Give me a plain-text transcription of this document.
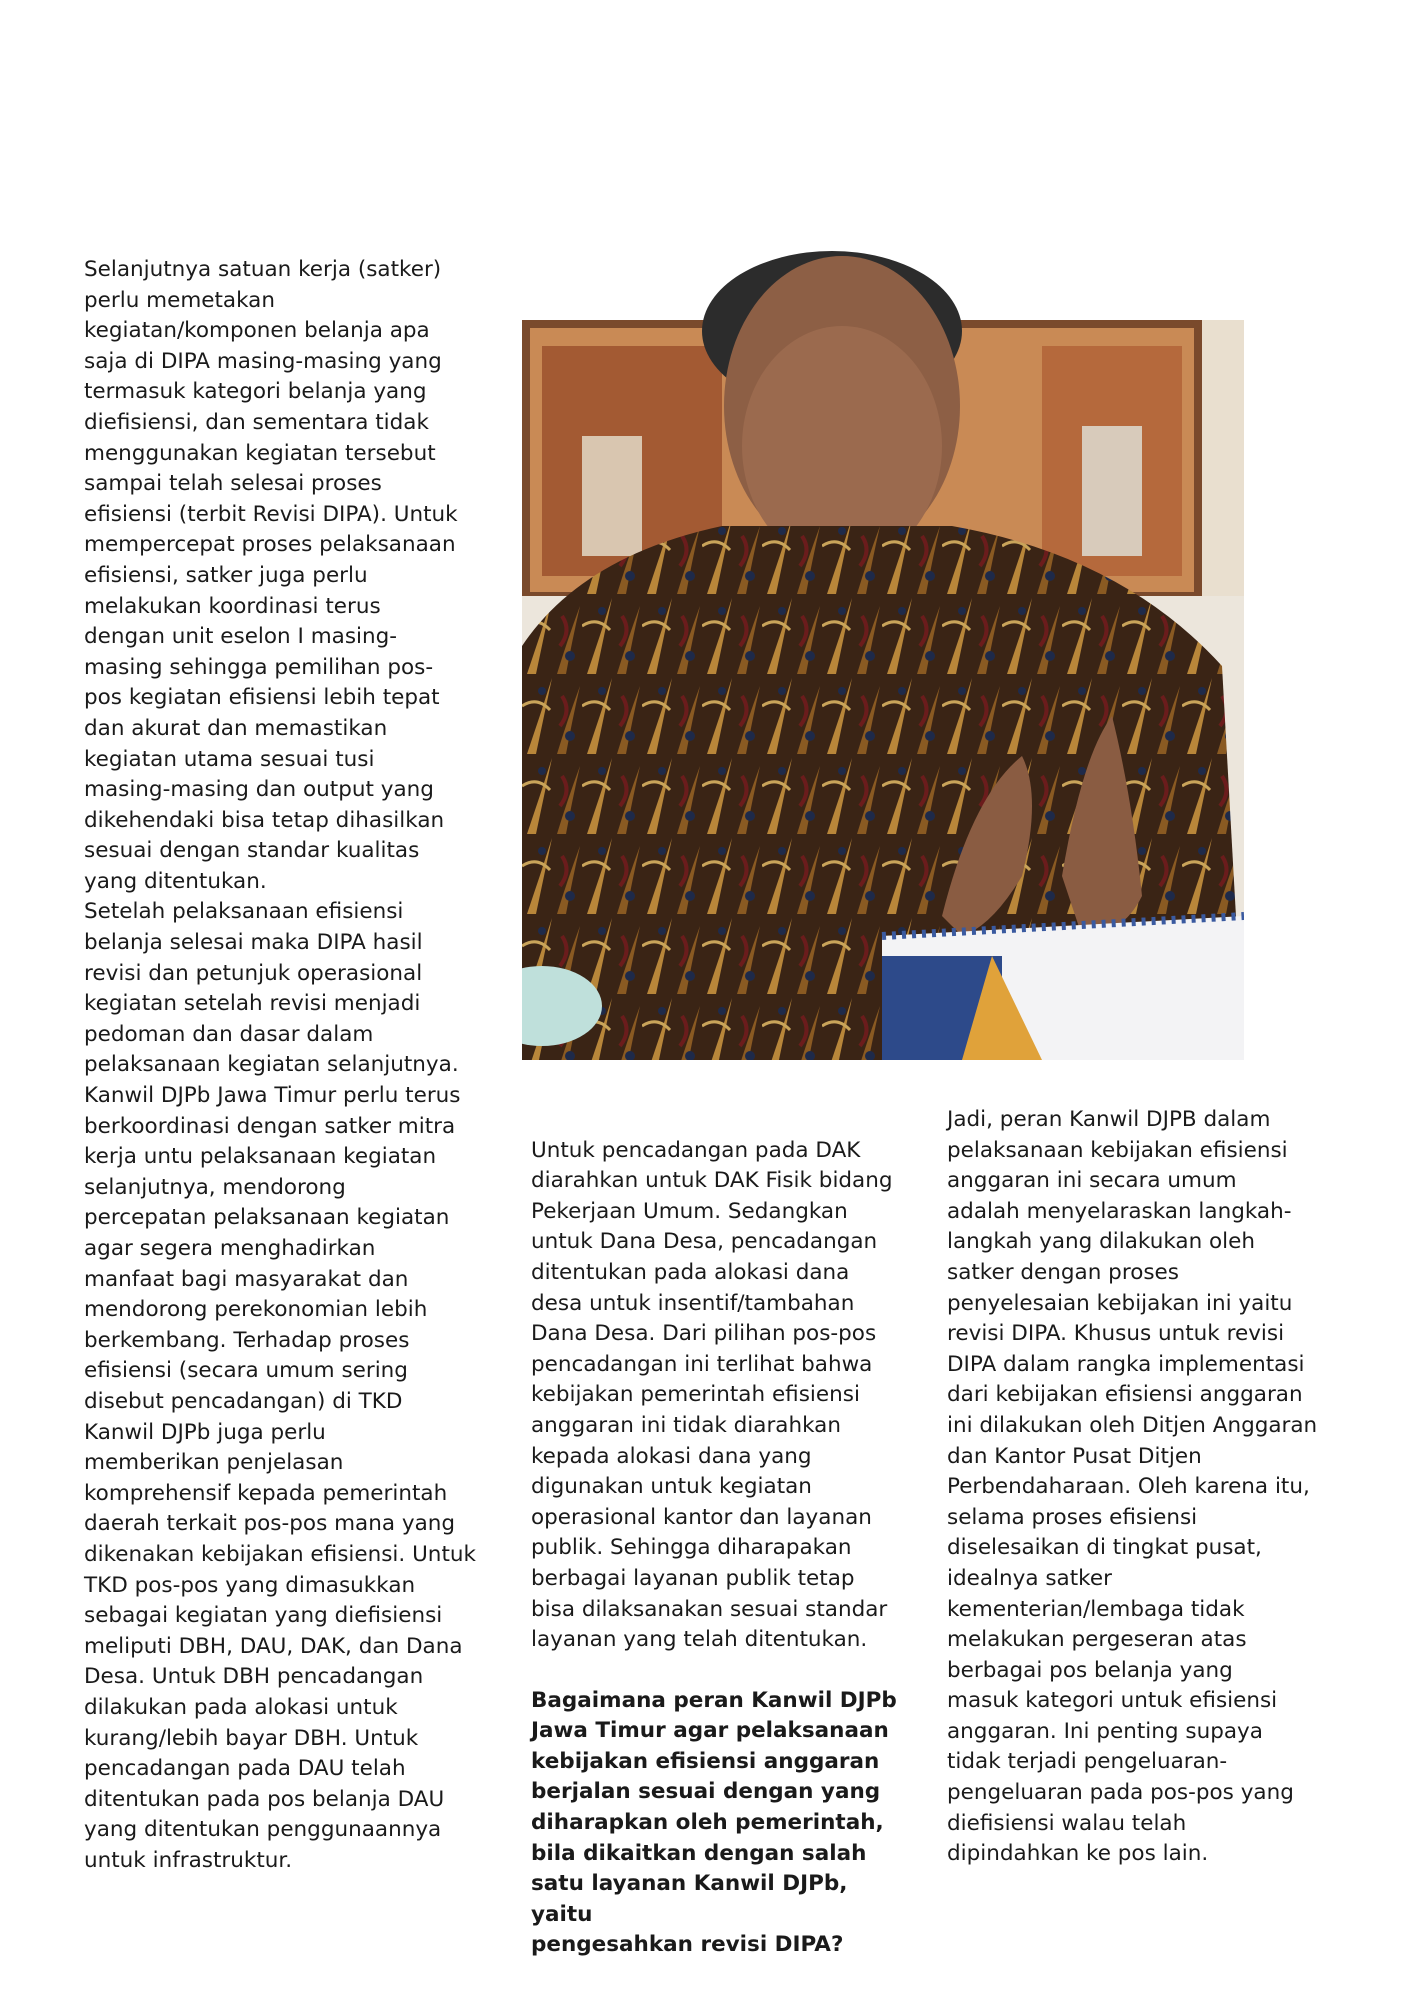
Selanjutnya satuan kerja (satker)
perlu memetakan
kegiatan/komponen belanja apa
saja di DIPA masing-masing yang
termasuk kategori belanja yang
diefisiensi, dan sementara tidak
menggunakan kegiatan tersebut
sampai telah selesai proses
efisiensi (terbit Revisi DIPA). Untuk
mempercepat proses pelaksanaan
efisiensi, satker juga perlu
melakukan koordinasi terus
dengan unit eselon I masing-
masing sehingga pemilihan pos-
pos kegiatan efisiensi lebih tepat
dan akurat dan memastikan
kegiatan utama sesuai tusi
masing-masing dan output yang
dikehendaki bisa tetap dihasilkan
sesuai dengan standar kualitas
yang ditentukan.
Setelah pelaksanaan efisiensi
belanja selesai maka DIPA hasil
revisi dan petunjuk operasional
kegiatan setelah revisi menjadi
pedoman dan dasar dalam
pelaksanaan kegiatan selanjutnya.
Kanwil DJPb Jawa Timur perlu terus
berkoordinasi dengan satker mitra
kerja untu pelaksanaan kegiatan
selanjutnya, mendorong
percepatan pelaksanaan kegiatan
agar segera menghadirkan
manfaat bagi masyarakat dan
mendorong perekonomian lebih
berkembang. Terhadap proses
efisiensi (secara umum sering
disebut pencadangan) di TKD
Kanwil DJPb juga perlu
memberikan penjelasan
komprehensif kepada pemerintah
daerah terkait pos-pos mana yang
dikenakan kebijakan efisiensi. Untuk
TKD pos-pos yang dimasukkan
sebagai kegiatan yang diefisiensi
meliputi DBH, DAU, DAK, dan Dana
Desa. Untuk DBH pencadangan
dilakukan pada alokasi untuk
kurang/lebih bayar DBH. Untuk
pencadangan pada DAU telah
ditentukan pada pos belanja DAU
yang ditentukan penggunaannya
untuk infrastruktur.

Untuk pencadangan pada DAK
diarahkan untuk DAK Fisik bidang
Pekerjaan Umum. Sedangkan
untuk Dana Desa, pencadangan
ditentukan pada alokasi dana
desa untuk insentif/tambahan
Dana Desa. Dari pilihan pos-pos
pencadangan ini terlihat bahwa
kebijakan pemerintah efisiensi
anggaran ini tidak diarahkan
kepada alokasi dana yang
digunakan untuk kegiatan
operasional kantor dan layanan
publik. Sehingga diharapakan
berbagai layanan publik tetap
bisa dilaksanakan sesuai standar
layanan yang telah ditentukan.

Bagaimana peran Kanwil DJPb
Jawa Timur agar pelaksanaan
kebijakan efisiensi anggaran
berjalan sesuai dengan yang
diharapkan oleh pemerintah,
bila dikaitkan dengan salah
satu layanan Kanwil DJPb, yaitu
pengesahkan revisi DIPA?

Jadi, peran Kanwil DJPB dalam
pelaksanaan kebijakan efisiensi
anggaran ini secara umum
adalah menyelaraskan langkah-
langkah yang dilakukan oleh
satker dengan proses
penyelesaian kebijakan ini yaitu
revisi DIPA. Khusus untuk revisi
DIPA dalam rangka implementasi
dari kebijakan efisiensi anggaran
ini dilakukan oleh Ditjen Anggaran
dan Kantor Pusat Ditjen
Perbendaharaan. Oleh karena itu,
selama proses efisiensi
diselesaikan di tingkat pusat,
idealnya satker
kementerian/lembaga tidak
melakukan pergeseran atas
berbagai pos belanja yang
masuk kategori untuk efisiensi
anggaran. Ini penting supaya
tidak terjadi pengeluaran-
pengeluaran pada pos-pos yang
diefisiensi walau telah
dipindahkan ke pos lain.
